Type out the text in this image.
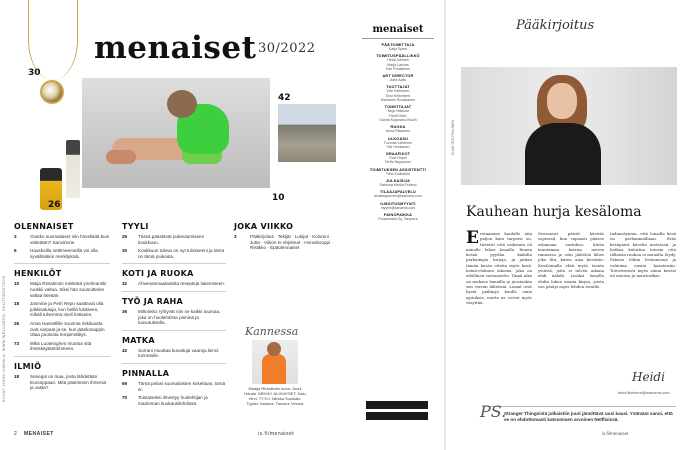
30
26
menaiset 30/2022
10
42
OLENNAISET
3	Ovatko suomalaiset niin höveliäitä kuin väitetään? Sanvirinne.
6	Hauskoilla nettimeemeillä voi olla syvällisiäkin merkityksiä.
HENKILÖT
10	Maija Rintalinnin mielestä ynelmanski ruokkii valtua. Siksi hän suunnittelee valtaa itseään.
18	Jasmine ja Petri Repo saattavat olla julkkisaluluja, kun heillä lukitseen, mikäli tuhemma mieli kotiseen.
26	Anna Hansellille suurinta riskikautta ovat varpaat ja se, kun jäänkosappin oltaa puolusta tempimättiys.
73	Mikä Luoteinghen muotoa sitä ihmiskäytäntöihmeen.
ILMIÖ
18	Senegal on maa, josta lähdetään Eurooppaan. Mitä pätemisen ihmeniä ja vasta?
TYYLI
25	Tässä päästävät pukeutumiseen koukkuun.
30	Koukkuun tuleva on nyt tulokseeni ja tämä on tämä joukosta.
KOTI JA RUOKA
32	Ahvenanmaalaisista reseptejä lukemiseen.
TYÖ JA RAHA
36	Miltonkko ryhtyvät niin ne kaikki tuumaa, joka on huolehdinta pieninä ja luovutuksella.
MATKA
42	Sorrani muuttaa kuvattuja vaaroja kiinni tunnetulle.
PINNALLA
69	Tämä pelasi suomalaisten kokeitaan, tämä ei.
70	Toistaiseksi ilmestyy huolehtijan ja madonnan kuukausilehdissä.
JOKA VIIKKO
3	Pääkirjoitus · Tekijät · Lukijat · Kolumni · Jutta · Viikon tv-ohjelmat · Horoskooppi · Ristikko · Epäolennaiset
Kannessa
Maaija Rintalinnin kuva: Jouni Harala. MEIKKI JA HIUKSET: Satu Hirvi. TYYLI: Mirkka Suolsalo. Tyylist: Nusava. Tauvuur Vimma
KUVAT JOUNI HARALA, WWW.WELLNESS, SHUTTERSTOCK
2 MENAISET	is.fi/menaiset
menaiset
PÄÄTOIMITTAJA
Katja Spets
TOIMITUSPÄÄLLIKKÖ
Heidi Jokinen
Marja Laukas
Sari Poutiainen
ART DIRECTOR
Jutta Aalto
TUOTTAJAT
Viivi Kallioinen
Essi Kelloniemi
Marianne Ruuskanen
TOIMITTAJAT
Tarja Hakkola
Heidi Helin
Sanna Kujanaho-Ruuth
RUOKA
Anna Rissanen
ULKOASU
Tuomas Lieteinen
Vivi Honkanen
GRAAFIKOT
Suvi Hopei
Terttu Nupponen
TOIMITUKSEN ASSISTENTTI
Tiina Kallioinen
JULKAISIJA
Sanoma Media Finland
TILAAJAPALVELU
asiakaspalvelu@sanoma.com
ILMOITUSMYYNTI
myynti@sanoma.com
PAINOPAIKKA
Punamusta Oy, Tampere
Pääkirjoitus
KUVA TEO PELLINEN
Kauhean hurja kesäloma
Erotaamme kuulalle niin paljon kuin tarpeen on, tietävät että vaikeinta oli minulle lukea lomalla. Ennen kesää pyydän kaikilta parhaimpia kirjoja, ja jatkan tämän kesän otteita myös kesä-heinä-elokuun aikoina, joka on edullinen vastaanotto. Tämä aika on mukava lomailla ja juostaakin sen verran lähtöisiä. Lomat ovat hyviä paikkoja kuulla omia ajatuksia, mutta ne voivat myös väsyttää.
Seuraavat päivät kävivät sopivasti, kun vapaasti pääsee ottamaan aurinkoa. Kävin muutaman kerran meren rannassa ja söin jäätelöä lähes joka ilta, kuten aina kesäisin. Kesälomalla ehtii myös tavata ystäviä, joita ei talven aikana ehdi nähdä. Lisäksi lomalla ehdin lukea monta kirjaa, joista osa päätyi myös lehden sivuille.
Induasäynnin, että lomalla kesä on parhaimmillaan. Eräs kesäpäivä kävelin metsässä, ja hetken kuluttua totesin että tällaista rauhaa ei muualta löydy. Palasin töihin levänneenä ja valmiina uusiin haasteisiin. Toivottavasti myös sinun kesäsi oli antoisa ja muistorikas.
Heidi
heidi.liiviniemi@sanoma.com
PS.
Stranger Thingsistä julkaistiin juuri jännittävä uusi kausi. Ystäväni sanoi, että se on ehdottomasti katsomisen arvoinen Netflixissä.
is.fi/menaiset
